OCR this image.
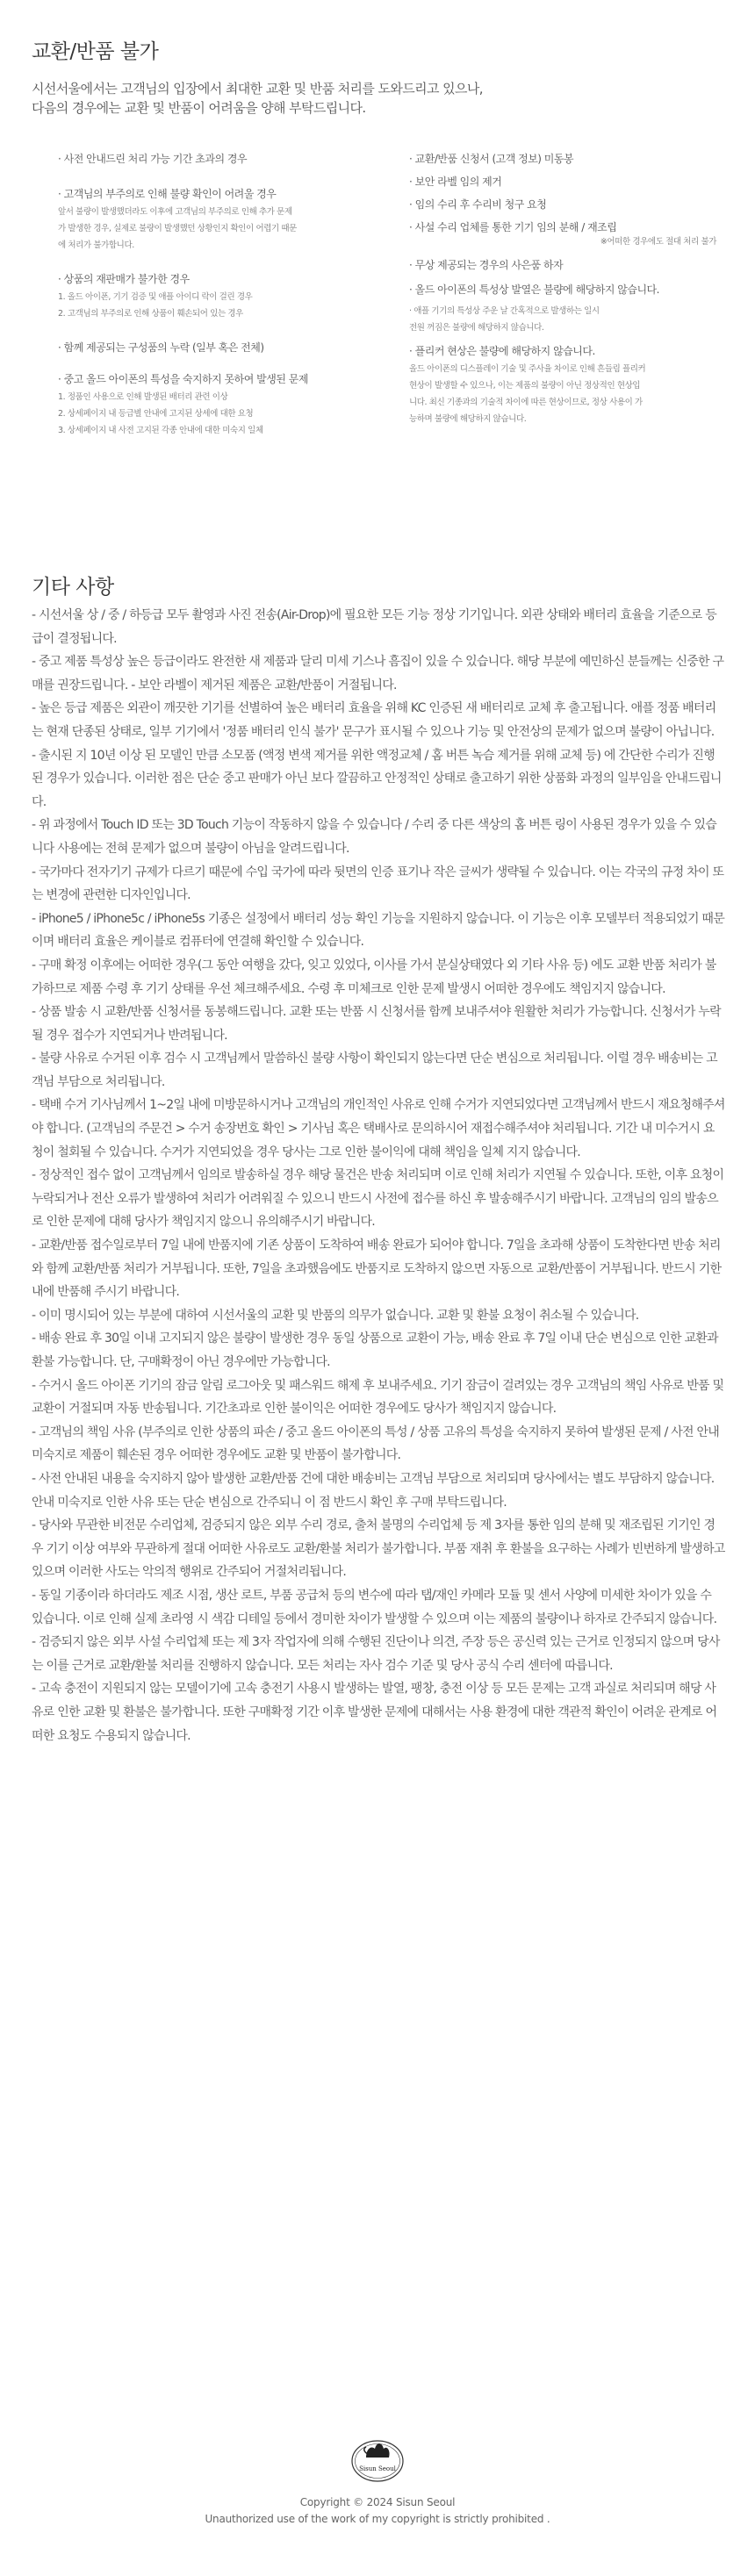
교환/반품 불가
시선서울에서는 고객님의 입장에서 최대한 교환 및 반품 처리를 도와드리고 있으나,
다음의 경우에는 교환 및 반품이 어려움을 양해 부탁드립니다.
· 사전 안내드린 처리 가능 기간 초과의 경우
· 고객님의 부주의로 인해 불량 확인이 어려울 경우
앞서 불량이 발생했더라도 이후에 고객님의 부주의로 인해 추가 문제
가 발생한 경우, 실제로 불량이 발생했던 상황인지 확인이 어렵기 때문
에 처리가 불가합니다.
· 상품의 재판매가 불가한 경우
1. 올드 아이폰, 기기 검증 및 애플 아이디 락이 걸린 경우
2. 고객님의 부주의로 인해 상품이 훼손되어 있는 경우
· 함께 제공되는 구성품의 누락 (일부 혹은 전체)
· 중고 올드 아이폰의 특성을 숙지하지 못하여 발생된 문제
1. 정품인 사용으로 인해 발생된 배터리 관련 이상
2. 상세페이지 내 등급별 안내에 고지된 상세에 대한 요청
3. 상세페이지 내 사전 고지된 각종 안내에 대한 미숙지 일체
· 교환/반품 신청서 (고객 정보) 미동봉
· 보안 라벨 임의 제거
· 임의 수리 후 수리비 청구 요청
· 사설 수리 업체를 통한 기기 임의 분해 / 재조립
※어떠한 경우에도 절대 처리 불가
· 무상 제공되는 경우의 사은품 하자
· 올드 아이폰의 특성상 발열은 불량에 해당하지 않습니다.
· 애플 기기의 특성상 주운 날 간혹적으로 발생하는 일시
전원 꺼짐은 불량에 해당하지 않습니다.
· 플리커 현상은 불량에 해당하지 않습니다.
올드 아이폰의 디스플레이 기술 및 주사율 차이로 인해 흔들림 플리커
현상이 발생할 수 있으나, 이는 제품의 불량이 아닌 정상적인 현상입
니다. 최신 기종과의 기술적 차이에 따른 현상이므로, 정상 사용이 가
능하며 불량에 해당하지 않습니다.
기타 사항
- 시선서울 상 / 중 / 하등급 모두 촬영과 사진 전송(Air-Drop)에 필요한 모든 기능 정상 기기입니다. 외관 상태와 배터리 효율을 기준으로 등급이 결정됩니다.
- 중고 제품 특성상 높은 등급이라도 완전한 새 제품과 달리 미세 기스나 흠집이 있을 수 있습니다. 해당 부분에 예민하신 분들께는 신중한 구매를 권장드립니다. - 보안 라벨이 제거된 제품은 교환/반품이 거절됩니다.
- 높은 등급 제품은 외관이 깨끗한 기기를 선별하여 높은 배터리 효율을 위해 KC 인증된 새 배터리로 교체 후 출고됩니다. 애플 정품 배터리는 현재 단종된 상태로, 일부 기기에서 '정품 배터리 인식 불가' 문구가 표시될 수 있으나 기능 및 안전상의 문제가 없으며 불량이 아닙니다.
- 출시된 지 10년 이상 된 모델인 만큼 소모품 (액정 변색 제거를 위한 액정교체 / 홈 버튼 녹슴 제거를 위해 교체 등) 에 간단한 수리가 진행된 경우가 있습니다. 이러한 점은 단순 중고 판매가 아닌 보다 깔끔하고 안정적인 상태로 출고하기 위한 상품화 과정의 일부임을 안내드립니다.
- 위 과정에서 Touch ID 또는 3D Touch 기능이 작동하지 않을 수 있습니다 / 수리 중 다른 색상의 홈 버튼 링이 사용된 경우가 있을 수 있습니다 사용에는 전혀 문제가 없으며 불량이 아님을 알려드립니다.
- 국가마다 전자기기 규제가 다르기 때문에 수입 국가에 따라 뒷면의 인증 표기나 작은 글씨가 생략될 수 있습니다. 이는 각국의 규정 차이 또는 변경에 관련한 디자인입니다.
- iPhone5 / iPhone5c / iPhone5s 기종은 설정에서 배터리 성능 확인 기능을 지원하지 않습니다. 이 기능은 이후 모델부터 적용되었기 때문이며 배터리 효율은 케이블로 컴퓨터에 연결해 확인할 수 있습니다.
- 구매 확정 이후에는 어떠한 경우(그 동안 여행을 갔다, 잊고 있었다, 이사를 가서 분실상태였다 외 기타 사유 등) 에도 교환 반품 처리가 불가하므로 제품 수령 후 기기 상태를 우선 체크해주세요. 수령 후 미체크로 인한 문제 발생시 어떠한 경우에도 책임지지 않습니다.
- 상품 발송 시 교환/반품 신청서를 동봉해드립니다. 교환 또는 반품 시 신청서를 함께 보내주셔야 원활한 처리가 가능합니다. 신청서가 누락될 경우 접수가 지연되거나 반려됩니다.
- 불량 사유로 수거된 이후 검수 시 고객님께서 말씀하신 불량 사항이 확인되지 않는다면 단순 변심으로 처리됩니다. 이럴 경우 배송비는 고객님 부담으로 처리됩니다.
- 택배 수거 기사님께서 1~2일 내에 미방문하시거나 고객님의 개인적인 사유로 인해 수거가 지연되었다면 고객님께서 반드시 재요청해주셔야 합니다. (고객님의 주문건 > 수거 송장번호 확인 > 기사님 혹은 택배사로 문의하시어 재접수해주셔야 처리됩니다. 기간 내 미수거시 요청이 철회될 수 있습니다. 수거가 지연되었을 경우 당사는 그로 인한 불이익에 대해 책임을 일체 지지 않습니다.
- 정상적인 접수 없이 고객님께서 임의로 발송하실 경우 해당 물건은 반송 처리되며 이로 인해 처리가 지연될 수 있습니다. 또한, 이후 요청이 누락되거나 전산 오류가 발생하여 처리가 어려워질 수 있으니 반드시 사전에 접수를 하신 후 발송해주시기 바랍니다. 고객님의 임의 발송으로 인한 문제에 대해 당사가 책임지지 않으니 유의해주시기 바랍니다.
- 교환/반품 접수일로부터 7일 내에 반품지에 기존 상품이 도착하여 배송 완료가 되어야 합니다. 7일을 초과해 상품이 도착한다면 반송 처리와 함께 교환/반품 처리가 거부됩니다. 또한, 7일을 초과했음에도 반품지로 도착하지 않으면 자동으로 교환/반품이 거부됩니다. 반드시 기한 내에 반품해 주시기 바랍니다.
- 이미 명시되어 있는 부분에 대하여 시선서울의 교환 및 반품의 의무가 없습니다. 교환 및 환불 요청이 취소될 수 있습니다.
- 배송 완료 후 30일 이내 고지되지 않은 불량이 발생한 경우 동일 상품으로 교환이 가능, 배송 완료 후 7일 이내 단순 변심으로 인한 교환과 환불 가능합니다. 단, 구매확정이 아닌 경우에만 가능합니다.
- 수거시 올드 아이폰 기기의 잠금 알림 로그아웃 및 패스워드 해제 후 보내주세요. 기기 잠금이 걸려있는 경우 고객님의 책임 사유로 반품 및 교환이 거절되며 자동 반송됩니다. 기간초과로 인한 불이익은 어떠한 경우에도 당사가 책임지지 않습니다.
- 고객님의 책임 사유 (부주의로 인한 상품의 파손 / 중고 올드 아이폰의 특성 / 상품 고유의 특성을 숙지하지 못하여 발생된 문제 / 사전 안내 미숙지로 제품이 훼손된 경우 어떠한 경우에도 교환 및 반품이 불가합니다.
- 사전 안내된 내용을 숙지하지 않아 발생한 교환/반품 건에 대한 배송비는 고객님 부담으로 처리되며 당사에서는 별도 부담하지 않습니다. 안내 미숙지로 인한 사유 또는 단순 변심으로 간주되니 이 점 반드시 확인 후 구매 부탁드립니다.
- 당사와 무관한 비전문 수리업체, 검증되지 않은 외부 수리 경로, 출처 불명의 수리업체 등 제 3자를 통한 임의 분해 및 재조립된 기기인 경우 기기 이상 여부와 무관하게 절대 어떠한 사유로도 교환/환불 처리가 불가합니다. 부품 재취 후 환불을 요구하는 사례가 빈번하게 발생하고 있으며 이러한 사도는 악의적 행위로 간주되어 거절처리됩니다.
- 동일 기종이라 하더라도 제조 시점, 생산 로트, 부품 공급처 등의 변수에 따라 탭/재인 카메라 모듈 및 센서 사양에 미세한 차이가 있을 수 있습니다. 이로 인해 실제 초라영 시 색감 디테일 등에서 경미한 차이가 발생할 수 있으며 이는 제품의 불량이나 하자로 간주되지 않습니다.
- 검증되지 않은 외부 사설 수리업체 또는 제 3자 작업자에 의해 수행된 진단이나 의견, 주장 등은 공신력 있는 근거로 인정되지 않으며 당사는 이를 근거로 교환/환불 처리를 진행하지 않습니다. 모든 처리는 자사 검수 기준 및 당사 공식 수리 센터에 따릅니다.
- 고속 충전이 지원되지 않는 모델이기에 고속 충전기 사용시 발생하는 발열, 팽창, 충전 이상 등 모든 문제는 고객 과실로 처리되며 해당 사유로 인한 교환 및 환불은 불가합니다. 또한 구매확정 기간 이후 발생한 문제에 대해서는 사용 환경에 대한 객관적 확인이 어려운 관계로 어떠한 요청도 수용되지 않습니다.
Sisun Seoul
Copyright © 2024 Sisun Seoul
Unauthorized use of the work of my copyright is strictly prohibited .
